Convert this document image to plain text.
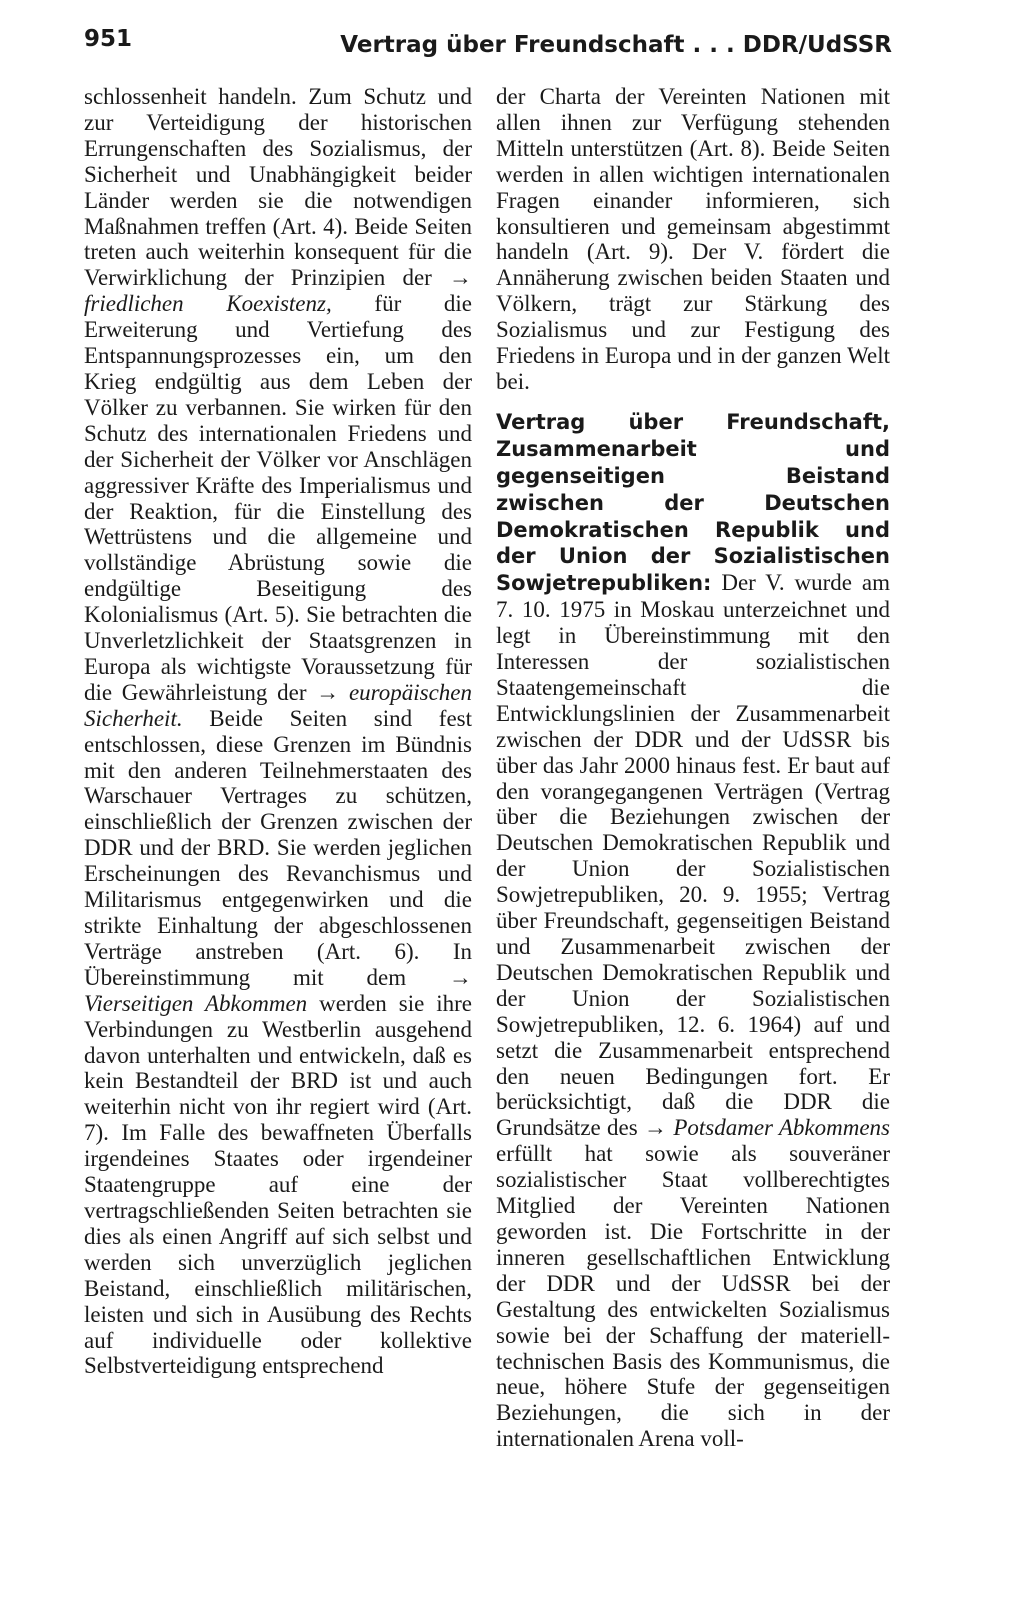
951	Vertrag über Freundschaft . . . DDR/UdSSR

schlossenheit handeln. Zum Schutz und zur Verteidigung der historischen Errungenschaften des Sozialismus, der Sicherheit und Unabhängigkeit beider Länder werden sie die notwendigen Maßnahmen treffen (Art. 4). Beide Seiten treten auch weiterhin konsequent für die Verwirklichung der Prinzipien der → friedlichen Koexistenz, für die Erweiterung und Vertiefung des Entspannungsprozesses ein, um den Krieg endgültig aus dem Leben der Völker zu verbannen. Sie wirken für den Schutz des internationalen Friedens und der Sicherheit der Völker vor Anschlägen aggressiver Kräfte des Imperialismus und der Reaktion, für die Einstellung des Wettrüstens und die allgemeine und vollständige Abrüstung sowie die endgültige Beseitigung des Kolonialismus (Art. 5). Sie betrachten die Unverletzlichkeit der Staatsgrenzen in Europa als wichtigste Voraussetzung für die Gewährleistung der → europäischen Sicherheit. Beide Seiten sind fest entschlossen, diese Grenzen im Bündnis mit den anderen Teilnehmerstaaten des Warschauer Vertrages zu schützen, einschließlich der Grenzen zwischen der DDR und der BRD. Sie werden jeglichen Erscheinungen des Revanchismus und Militarismus entgegenwirken und die strikte Einhaltung der abgeschlossenen Verträge anstreben (Art. 6). In Übereinstimmung mit dem → Vierseitigen Abkommen werden sie ihre Verbindungen zu Westberlin ausgehend davon unterhalten und entwickeln, daß es kein Bestandteil der BRD ist und auch weiterhin nicht von ihr regiert wird (Art. 7). Im Falle des bewaffneten Überfalls irgendeines Staates oder irgendeiner Staatengruppe auf eine der vertragschließenden Seiten betrachten sie dies als einen Angriff auf sich selbst und werden sich unverzüglich jeglichen Beistand, einschließlich militärischen, leisten und sich in Ausübung des Rechts auf individuelle oder kollektive Selbstverteidigung entsprechend

der Charta der Vereinten Nationen mit allen ihnen zur Verfügung stehenden Mitteln unterstützen (Art. 8). Beide Seiten werden in allen wichtigen internationalen Fragen einander informieren, sich konsultieren und gemeinsam abgestimmt handeln (Art. 9). Der V. fördert die Annäherung zwischen beiden Staaten und Völkern, trägt zur Stärkung des Sozialismus und zur Festigung des Friedens in Europa und in der ganzen Welt bei.

Vertrag über Freundschaft, Zusammenarbeit und gegenseitigen Beistand zwischen der Deutschen Demokratischen Republik und der Union der Sozialistischen Sowjetrepubliken: Der V. wurde am 7. 10. 1975 in Moskau unterzeichnet und legt in Übereinstimmung mit den Interessen der sozialistischen Staatengemeinschaft die Entwicklungslinien der Zusammenarbeit zwischen der DDR und der UdSSR bis über das Jahr 2000 hinaus fest. Er baut auf den vorangegangenen Verträgen (Vertrag über die Beziehungen zwischen der Deutschen Demokratischen Republik und der Union der Sozialistischen Sowjetrepubliken, 20. 9. 1955; Vertrag über Freundschaft, gegenseitigen Beistand und Zusammenarbeit zwischen der Deutschen Demokratischen Republik und der Union der Sozialistischen Sowjetrepubliken, 12. 6. 1964) auf und setzt die Zusammenarbeit entsprechend den neuen Bedingungen fort. Er berücksichtigt, daß die DDR die Grundsätze des → Potsdamer Abkommens erfüllt hat sowie als souveräner sozialistischer Staat vollberechtigtes Mitglied der Vereinten Nationen geworden ist. Die Fortschritte in der inneren gesellschaftlichen Entwicklung der DDR und der UdSSR bei der Gestaltung des entwickelten Sozialismus sowie bei der Schaffung der materiell-technischen Basis des Kommunismus, die neue, höhere Stufe der gegenseitigen Beziehungen, die sich in der internationalen Arena voll-
